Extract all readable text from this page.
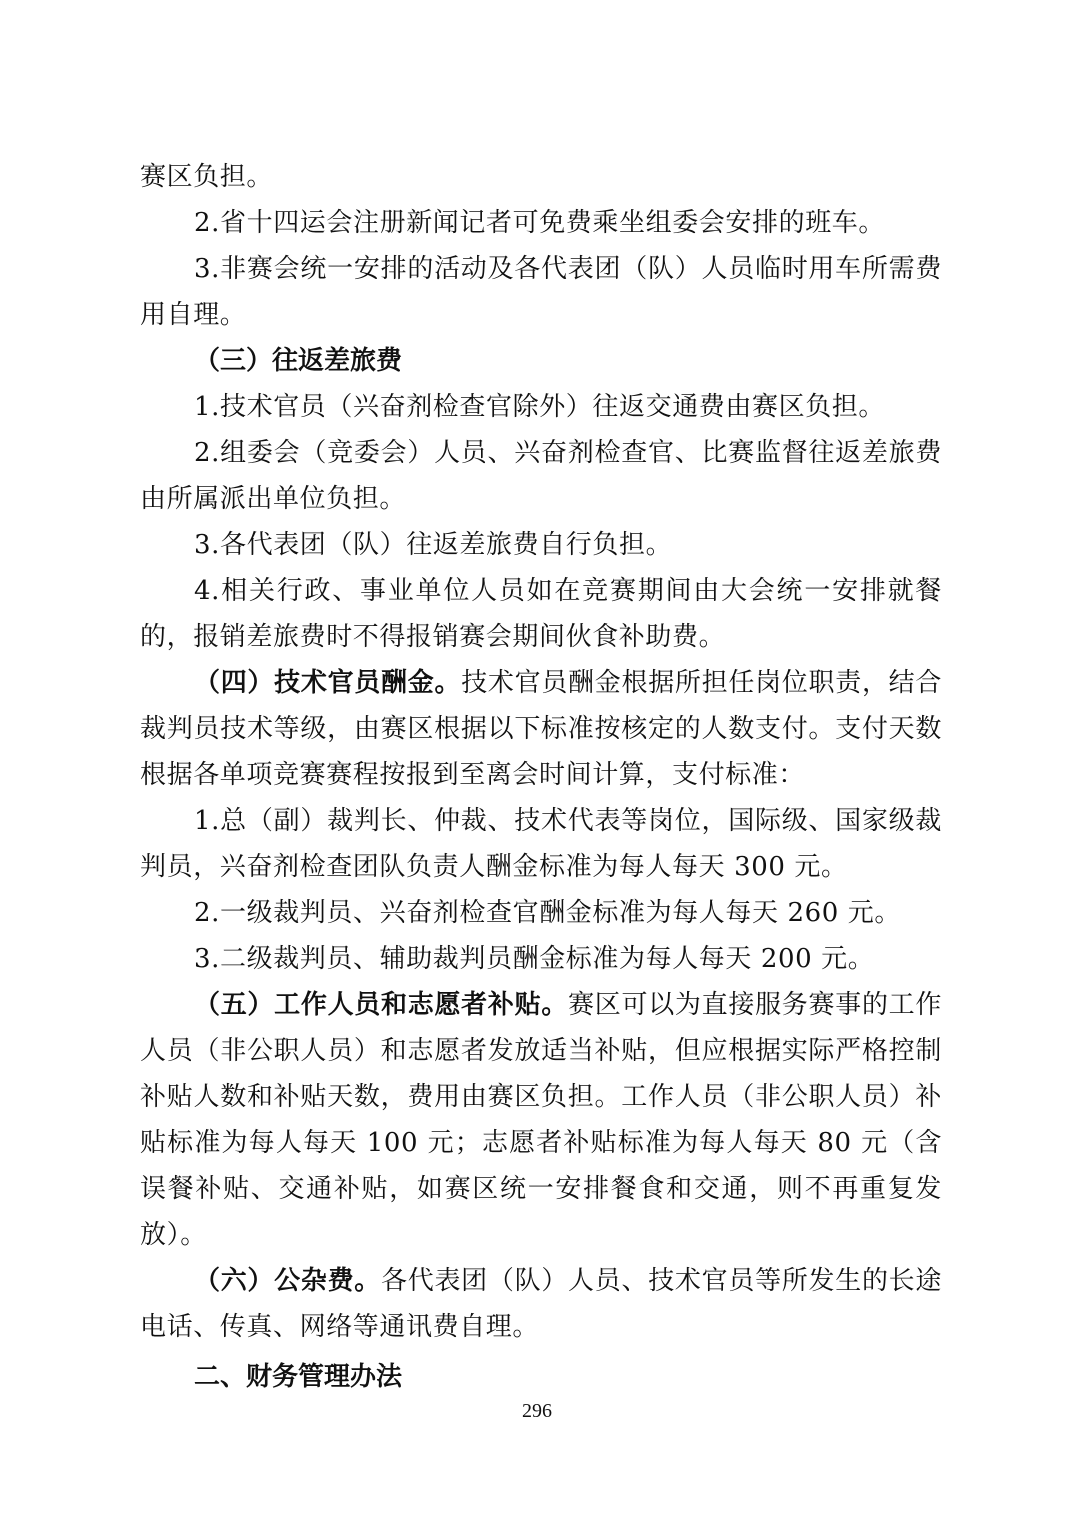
赛区负担。

2.省十四运会注册新闻记者可免费乘坐组委会安排的班车。

3.非赛会统一安排的活动及各代表团（队）人员临时用车所需费用自理。

（三）往返差旅费

1.技术官员（兴奋剂检查官除外）往返交通费由赛区负担。

2.组委会（竞委会）人员、兴奋剂检查官、比赛监督往返差旅费由所属派出单位负担。

3.各代表团（队）往返差旅费自行负担。

4.相关行政、事业单位人员如在竞赛期间由大会统一安排就餐的，报销差旅费时不得报销赛会期间伙食补助费。

（四）技术官员酬金。技术官员酬金根据所担任岗位职责，结合裁判员技术等级，由赛区根据以下标准按核定的人数支付。支付天数根据各单项竞赛赛程按报到至离会时间计算，支付标准：

1.总（副）裁判长、仲裁、技术代表等岗位，国际级、国家级裁判员，兴奋剂检查团队负责人酬金标准为每人每天 300 元。

2.一级裁判员、兴奋剂检查官酬金标准为每人每天 260 元。

3.二级裁判员、辅助裁判员酬金标准为每人每天 200 元。

（五）工作人员和志愿者补贴。赛区可以为直接服务赛事的工作人员（非公职人员）和志愿者发放适当补贴，但应根据实际严格控制补贴人数和补贴天数，费用由赛区负担。工作人员（非公职人员）补贴标准为每人每天 100 元；志愿者补贴标准为每人每天 80 元（含误餐补贴、交通补贴，如赛区统一安排餐食和交通，则不再重复发放）。

（六）公杂费。各代表团（队）人员、技术官员等所发生的长途电话、传真、网络等通讯费自理。

二、财务管理办法

296
